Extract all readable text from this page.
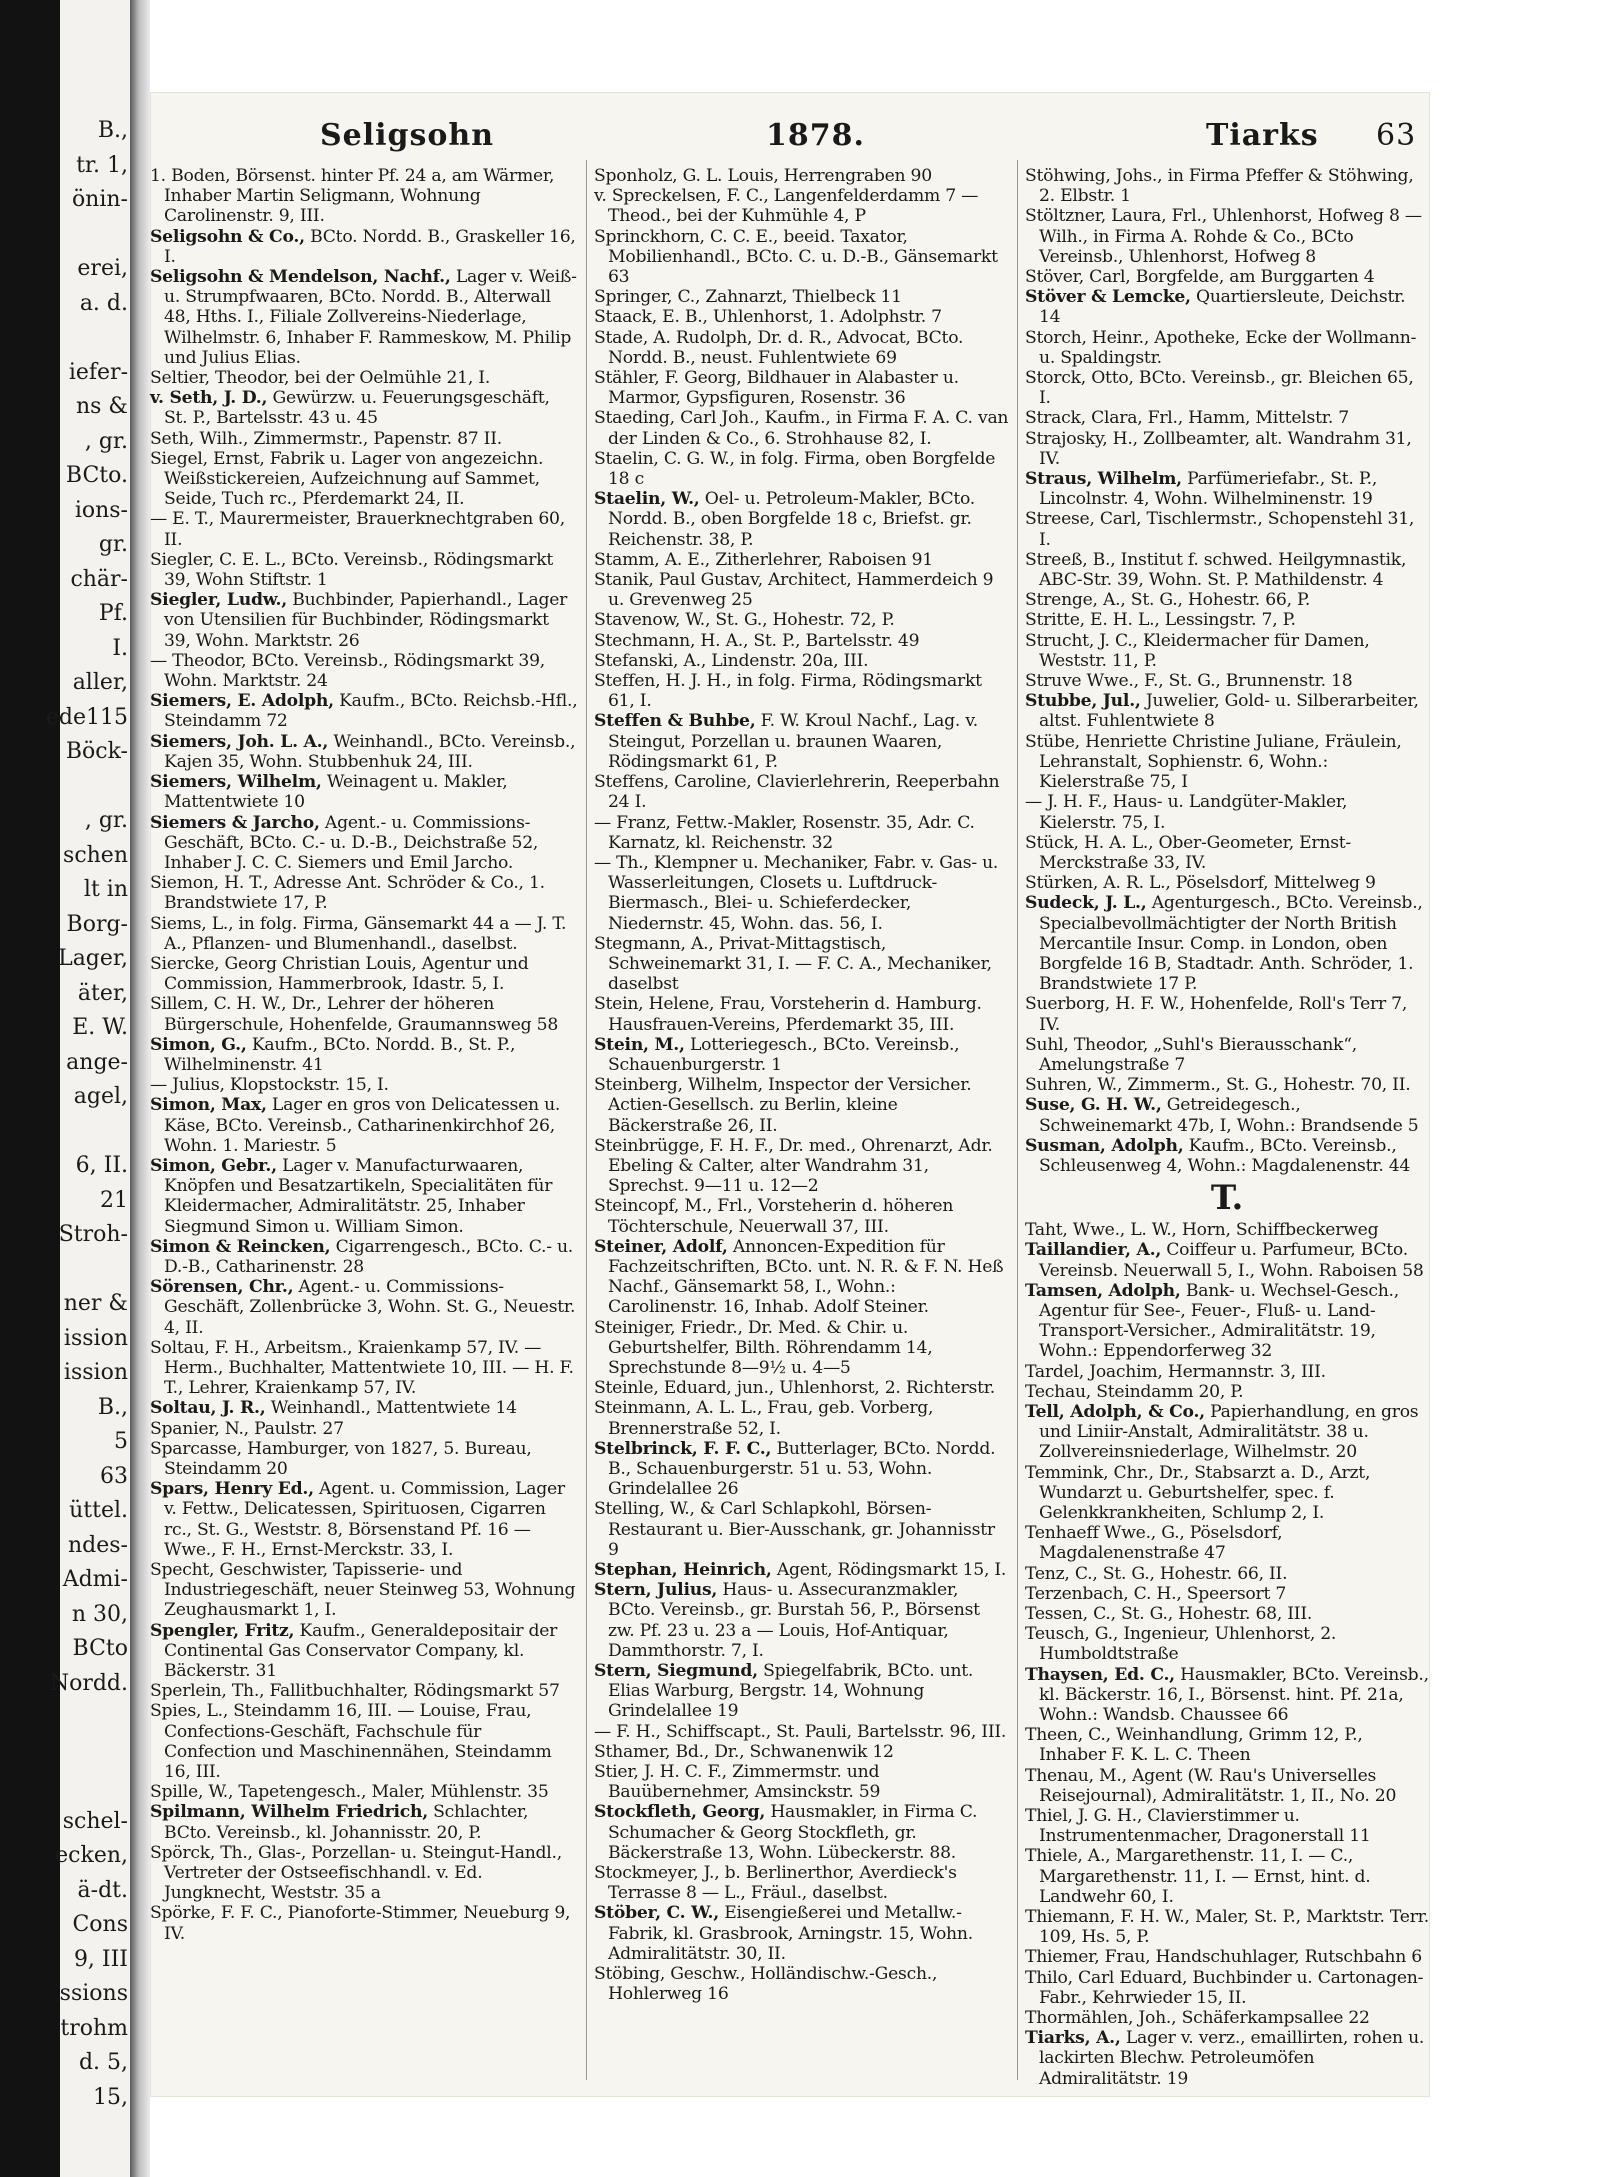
B.,
tr. 1,
önin-
erei,
a. d.
iefer-
ns &
, gr.
BCto.
ions-
gr.
chär-
Pf.
I.
aller,
ede115
Böck-
, gr.
schen
lt in
Borg-
Lager,
äter,
E. W.
ange-
agel,
6, II.
21
Stroh-
ner &
ission
ission
B.,
5
63
üttel.
ndes-
Admi-
n 30,
BCto
Nordd.
schel-
ecken,
ä-dt.
Cons
9, III
ssions
trohm
d. 5,
15,
Seligsohn	1878.	Tiarks 63
1. Boden, Börsenst. hinter Pf. 24 a, am Wärmer, Inhaber Martin Seligmann, Wohnung Carolinenstr. 9, III.
Seligsohn & Co., BCto. Nordd. B., Graskeller 16, I.
Seligsohn & Mendelson, Nachf., Lager v. Weiß- u. Strumpfwaaren, BCto. Nordd. B., Alterwall 48, Hths. I., Filiale Zollvereins-Niederlage, Wilhelmstr. 6, Inhaber F. Rammeskow, M. Philip und Julius Elias.
Seltier, Theodor, bei der Oelmühle 21, I.
v. Seth, J. D., Gewürzw. u. Feuerungsgeschäft, St. P., Bartelsstr. 43 u. 45
Seth, Wilh., Zimmermstr., Papenstr. 87 II.
Siegel, Ernst, Fabrik u. Lager von angezeichn. Weißstickereien, Aufzeichnung auf Sammet, Seide, Tuch rc., Pferdemarkt 24, II.
— E. T., Maurermeister, Brauerknechtgraben 60, II.
Siegler, C. E. L., BCto. Vereinsb., Rödingsmarkt 39, Wohn Stiftstr. 1
Siegler, Ludw., Buchbinder, Papierhandl., Lager von Utensilien für Buchbinder, Rödingsmarkt 39, Wohn. Marktstr. 26
— Theodor, BCto. Vereinsb., Rödingsmarkt 39, Wohn. Marktstr. 24
Siemers, E. Adolph, Kaufm., BCto. Reichsb.-Hfl., Steindamm 72
Siemers, Joh. L. A., Weinhandl., BCto. Vereinsb., Kajen 35, Wohn. Stubbenhuk 24, III.
Siemers, Wilhelm, Weinagent u. Makler, Mattentwiete 10
Siemers & Jarcho, Agent.- u. Commissions-Geschäft, BCto. C.- u. D.-B., Deichstraße 52, Inhaber J. C. C. Siemers und Emil Jarcho.
Siemon, H. T., Adresse Ant. Schröder & Co., 1. Brandstwiete 17, P.
Siems, L., in folg. Firma, Gänsemarkt 44 a — J. T. A., Pflanzen- und Blumenhandl., daselbst.
Siercke, Georg Christian Louis, Agentur und Commission, Hammerbrook, Idastr. 5, I.
Sillem, C. H. W., Dr., Lehrer der höheren Bürgerschule, Hohenfelde, Graumannsweg 58
Simon, G., Kaufm., BCto. Nordd. B., St. P., Wilhelminenstr. 41
— Julius, Klopstockstr. 15, I.
Simon, Max, Lager en gros von Delicatessen u. Käse, BCto. Vereinsb., Catharinenkirchhof 26, Wohn. 1. Mariestr. 5
Simon, Gebr., Lager v. Manufacturwaaren, Knöpfen und Besatzartikeln, Specialitäten für Kleidermacher, Admiralitätstr. 25, Inhaber Siegmund Simon u. William Simon.
Simon & Reincken, Cigarrengesch., BCto. C.- u. D.-B., Catharinenstr. 28
Sörensen, Chr., Agent.- u. Commissions-Geschäft, Zollenbrücke 3, Wohn. St. G., Neuestr. 4, II.
Soltau, F. H., Arbeitsm., Kraienkamp 57, IV. — Herm., Buchhalter, Mattentwiete 10, III. — H. F. T., Lehrer, Kraienkamp 57, IV.
Soltau, J. R., Weinhandl., Mattentwiete 14
Spanier, N., Paulstr. 27
Sparcasse, Hamburger, von 1827, 5. Bureau, Steindamm 20
Spars, Henry Ed., Agent. u. Commission, Lager v. Fettw., Delicatessen, Spirituosen, Cigarren rc., St. G., Weststr. 8, Börsenstand Pf. 16 — Wwe., F. H., Ernst-Merckstr. 33, I.
Specht, Geschwister, Tapisserie- und Industriegeschäft, neuer Steinweg 53, Wohnung Zeughausmarkt 1, I.
Spengler, Fritz, Kaufm., Generaldepositair der Continental Gas Conservator Company, kl. Bäckerstr. 31
Sperlein, Th., Fallitbuchhalter, Rödingsmarkt 57
Spies, L., Steindamm 16, III. — Louise, Frau, Confections-Geschäft, Fachschule für Confection und Maschinennähen, Steindamm 16, III.
Spille, W., Tapetengesch., Maler, Mühlenstr. 35
Spilmann, Wilhelm Friedrich, Schlachter, BCto. Vereinsb., kl. Johannisstr. 20, P.
Spörck, Th., Glas-, Porzellan- u. Steingut-Handl., Vertreter der Ostseefischhandl. v. Ed. Jungknecht, Weststr. 35 a
Spörke, F. F. C., Pianoforte-Stimmer, Neueburg 9, IV.
Sponholz, G. L. Louis, Herrengraben 90
v. Spreckelsen, F. C., Langenfelderdamm 7 — Theod., bei der Kuhmühle 4, P
Sprinckhorn, C. C. E., beeid. Taxator, Mobilienhandl., BCto. C. u. D.-B., Gänsemarkt 63
Springer, C., Zahnarzt, Thielbeck 11
Staack, E. B., Uhlenhorst, 1. Adolphstr. 7
Stade, A. Rudolph, Dr. d. R., Advocat, BCto. Nordd. B., neust. Fuhlentwiete 69
Stähler, F. Georg, Bildhauer in Alabaster u. Marmor, Gypsfiguren, Rosenstr. 36
Staeding, Carl Joh., Kaufm., in Firma F. A. C. van der Linden & Co., 6. Strohhause 82, I.
Staelin, C. G. W., in folg. Firma, oben Borgfelde 18 c
Staelin, W., Oel- u. Petroleum-Makler, BCto. Nordd. B., oben Borgfelde 18 c, Briefst. gr. Reichenstr. 38, P.
Stamm, A. E., Zitherlehrer, Raboisen 91
Stanik, Paul Gustav, Architect, Hammerdeich 9 u. Grevenweg 25
Stavenow, W., St. G., Hohestr. 72, P.
Stechmann, H. A., St. P., Bartelsstr. 49
Stefanski, A., Lindenstr. 20a, III.
Steffen, H. J. H., in folg. Firma, Rödingsmarkt 61, I.
Steffen & Buhbe, F. W. Kroul Nachf., Lag. v. Steingut, Porzellan u. braunen Waaren, Rödingsmarkt 61, P.
Steffens, Caroline, Clavierlehrerin, Reeperbahn 24 I.
— Franz, Fettw.-Makler, Rosenstr. 35, Adr. C. Karnatz, kl. Reichenstr. 32
— Th., Klempner u. Mechaniker, Fabr. v. Gas- u. Wasserleitungen, Closets u. Luftdruck-Biermasch., Blei- u. Schieferdecker, Niedernstr. 45, Wohn. das. 56, I.
Stegmann, A., Privat-Mittagstisch, Schweinemarkt 31, I. — F. C. A., Mechaniker, daselbst
Stein, Helene, Frau, Vorsteherin d. Hamburg. Hausfrauen-Vereins, Pferdemarkt 35, III.
Stein, M., Lotteriegesch., BCto. Vereinsb., Schauenburgerstr. 1
Steinberg, Wilhelm, Inspector der Versicher. Actien-Gesellsch. zu Berlin, kleine Bäckerstraße 26, II.
Steinbrügge, F. H. F., Dr. med., Ohrenarzt, Adr. Ebeling & Calter, alter Wandrahm 31, Sprechst. 9—11 u. 12—2
Steincopf, M., Frl., Vorsteherin d. höheren Töchterschule, Neuerwall 37, III.
Steiner, Adolf, Annoncen-Expedition für Fachzeitschriften, BCto. unt. N. R. & F. N. Heß Nachf., Gänsemarkt 58, I., Wohn.: Carolinenstr. 16, Inhab. Adolf Steiner.
Steiniger, Friedr., Dr. Med. & Chir. u. Geburtshelfer, Bilth. Röhrendamm 14, Sprechstunde 8—9½ u. 4—5
Steinle, Eduard, jun., Uhlenhorst, 2. Richterstr.
Steinmann, A. L. L., Frau, geb. Vorberg, Brennerstraße 52, I.
Stelbrinck, F. F. C., Butterlager, BCto. Nordd. B., Schauenburgerstr. 51 u. 53, Wohn. Grindelallee 26
Stelling, W., & Carl Schlapkohl, Börsen-Restaurant u. Bier-Ausschank, gr. Johannisstr 9
Stephan, Heinrich, Agent, Rödingsmarkt 15, I.
Stern, Julius, Haus- u. Assecuranzmakler, BCto. Vereinsb., gr. Burstah 56, P., Börsenst zw. Pf. 23 u. 23 a — Louis, Hof-Antiquar, Dammthorstr. 7, I.
Stern, Siegmund, Spiegelfabrik, BCto. unt. Elias Warburg, Bergstr. 14, Wohnung Grindelallee 19
— F. H., Schiffscapt., St. Pauli, Bartelsstr. 96, III.
Sthamer, Bd., Dr., Schwanenwik 12
Stier, J. H. C. F., Zimmermstr. und Bauübernehmer, Amsinckstr. 59
Stockfleth, Georg, Hausmakler, in Firma C. Schumacher & Georg Stockfleth, gr. Bäckerstraße 13, Wohn. Lübeckerstr. 88.
Stockmeyer, J., b. Berlinerthor, Averdieck's Terrasse 8 — L., Fräul., daselbst.
Stöber, C. W., Eisengießerei und Metallw.-Fabrik, kl. Grasbrook, Arningstr. 15, Wohn. Admiralitätstr. 30, II.
Stöbing, Geschw., Holländischw.-Gesch., Hohlerweg 16
Stöhwing, Johs., in Firma Pfeffer & Stöhwing, 2. Elbstr. 1
Stöltzner, Laura, Frl., Uhlenhorst, Hofweg 8 — Wilh., in Firma A. Rohde & Co., BCto Vereinsb., Uhlenhorst, Hofweg 8
Stöver, Carl, Borgfelde, am Burggarten 4
Stöver & Lemcke, Quartiersleute, Deichstr. 14
Storch, Heinr., Apotheke, Ecke der Wollmann- u. Spaldingstr.
Storck, Otto, BCto. Vereinsb., gr. Bleichen 65, I.
Strack, Clara, Frl., Hamm, Mittelstr. 7
Strajosky, H., Zollbeamter, alt. Wandrahm 31, IV.
Straus, Wilhelm, Parfümeriefabr., St. P., Lincolnstr. 4, Wohn. Wilhelminenstr. 19
Streese, Carl, Tischlermstr., Schopenstehl 31, I.
Streeß, B., Institut f. schwed. Heilgymnastik, ABC-Str. 39, Wohn. St. P. Mathildenstr. 4
Strenge, A., St. G., Hohestr. 66, P.
Stritte, E. H. L., Lessingstr. 7, P.
Strucht, J. C., Kleidermacher für Damen, Weststr. 11, P.
Struve Wwe., F., St. G., Brunnenstr. 18
Stubbe, Jul., Juwelier, Gold- u. Silberarbeiter, altst. Fuhlentwiete 8
Stübe, Henriette Christine Juliane, Fräulein, Lehranstalt, Sophienstr. 6, Wohn.: Kielerstraße 75, I
— J. H. F., Haus- u. Landgüter-Makler, Kielerstr. 75, I.
Stück, H. A. L., Ober-Geometer, Ernst-Merckstraße 33, IV.
Stürken, A. R. L., Pöselsdorf, Mittelweg 9
Sudeck, J. L., Agenturgesch., BCto. Vereinsb., Specialbevollmächtigter der North British Mercantile Insur. Comp. in London, oben Borgfelde 16 B, Stadtadr. Anth. Schröder, 1. Brandstwiete 17 P.
Suerborg, H. F. W., Hohenfelde, Roll's Terr 7, IV.
Suhl, Theodor, „Suhl's Bierausschank“, Amelungstraße 7
Suhren, W., Zimmerm., St. G., Hohestr. 70, II.
Suse, G. H. W., Getreidegesch., Schweinemarkt 47b, I, Wohn.: Brandsende 5
Susman, Adolph, Kaufm., BCto. Vereinsb., Schleusenweg 4, Wohn.: Magdalenenstr. 44
T.
Taht, Wwe., L. W., Horn, Schiffbeckerweg
Taillandier, A., Coiffeur u. Parfumeur, BCto. Vereinsb. Neuerwall 5, I., Wohn. Raboisen 58
Tamsen, Adolph, Bank- u. Wechsel-Gesch., Agentur für See-, Feuer-, Fluß- u. Land-Transport-Versicher., Admiralitätstr. 19, Wohn.: Eppendorferweg 32
Tardel, Joachim, Hermannstr. 3, III.
Techau, Steindamm 20, P.
Tell, Adolph, & Co., Papierhandlung, en gros und Liniir-Anstalt, Admiralitätstr. 38 u. Zollvereinsniederlage, Wilhelmstr. 20
Temmink, Chr., Dr., Stabsarzt a. D., Arzt, Wundarzt u. Geburtshelfer, spec. f. Gelenkkrankheiten, Schlump 2, I.
Tenhaeff Wwe., G., Pöselsdorf, Magdalenenstraße 47
Tenz, C., St. G., Hohestr. 66, II.
Terzenbach, C. H., Speersort 7
Tessen, C., St. G., Hohestr. 68, III.
Teusch, G., Ingenieur, Uhlenhorst, 2. Humboldtstraße
Thaysen, Ed. C., Hausmakler, BCto. Vereinsb., kl. Bäckerstr. 16, I., Börsenst. hint. Pf. 21a, Wohn.: Wandsb. Chaussee 66
Theen, C., Weinhandlung, Grimm 12, P., Inhaber F. K. L. C. Theen
Thenau, M., Agent (W. Rau's Universelles Reisejournal), Admiralitätstr. 1, II., No. 20
Thiel, J. G. H., Clavierstimmer u. Instrumentenmacher, Dragonerstall 11
Thiele, A., Margarethenstr. 11, I. — C., Margarethenstr. 11, I. — Ernst, hint. d. Landwehr 60, I.
Thiemann, F. H. W., Maler, St. P., Marktstr. Terr. 109, Hs. 5, P.
Thiemer, Frau, Handschuhlager, Rutschbahn 6
Thilo, Carl Eduard, Buchbinder u. Cartonagen-Fabr., Kehrwieder 15, II.
Thormählen, Joh., Schäferkampsallee 22
Tiarks, A., Lager v. verz., emaillirten, rohen u. lackirten Blechw. Petroleumöfen Admiralitätstr. 19
